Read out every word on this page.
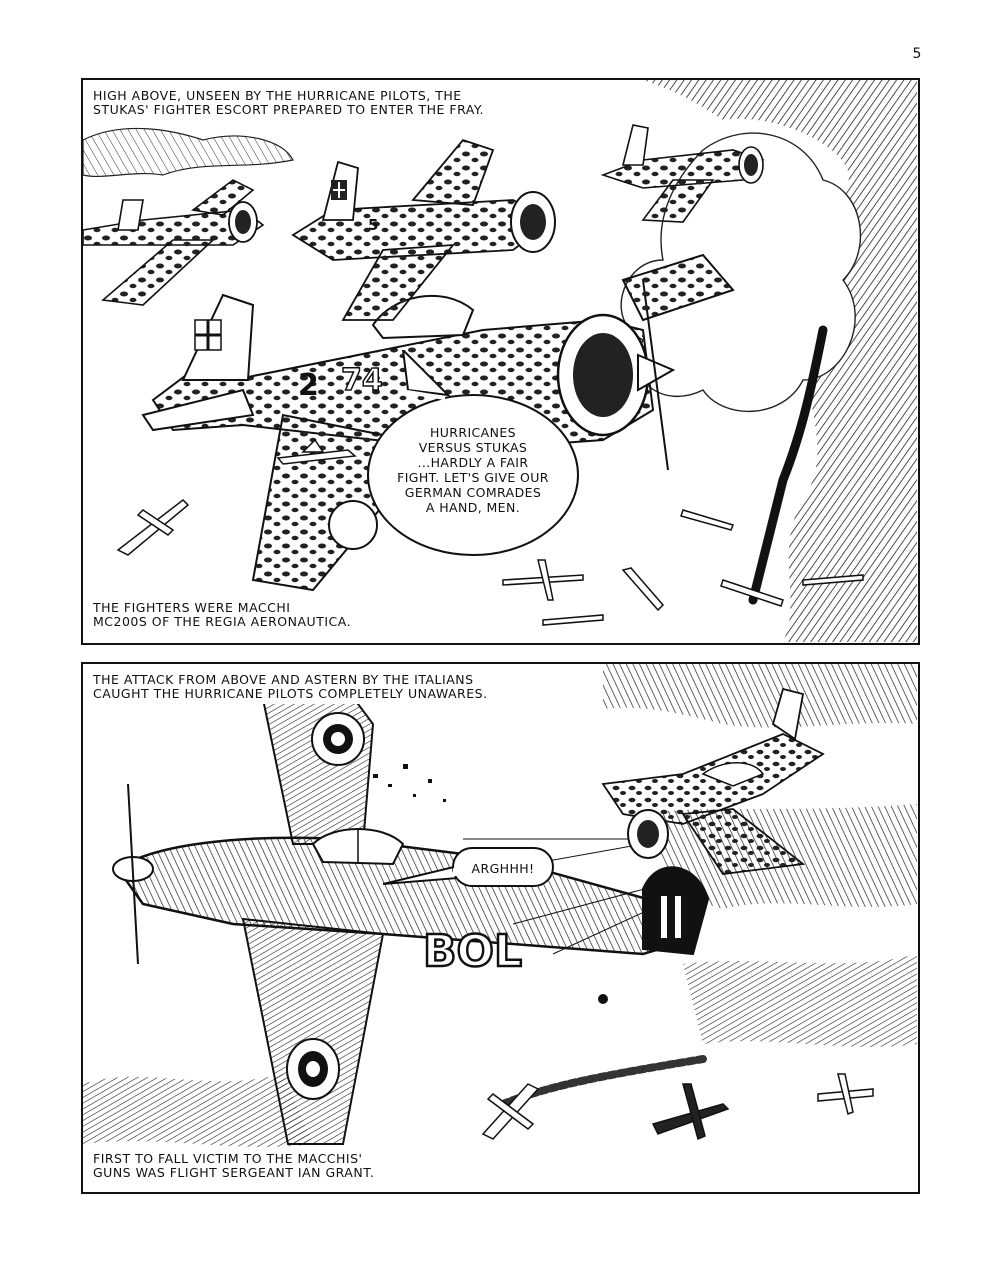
5
2 74
5
HIGH ABOVE, UNSEEN BY THE HURRICANE PILOTS, THE
STUKAS' FIGHTER ESCORT PREPARED TO ENTER THE FRAY.
HURRICANES
VERSUS STUKAS
...HARDLY A FAIR
FIGHT. LET'S GIVE OUR
GERMAN COMRADES
A HAND, MEN.
THE FIGHTERS WERE MACCHI
MC200S OF THE REGIA AERONAUTICA.
BOL
THE ATTACK FROM ABOVE AND ASTERN BY THE ITALIANS
CAUGHT THE HURRICANE PILOTS COMPLETELY UNAWARES.
ARGHHH!
FIRST TO FALL VICTIM TO THE MACCHIS'
GUNS WAS FLIGHT SERGEANT IAN GRANT.
